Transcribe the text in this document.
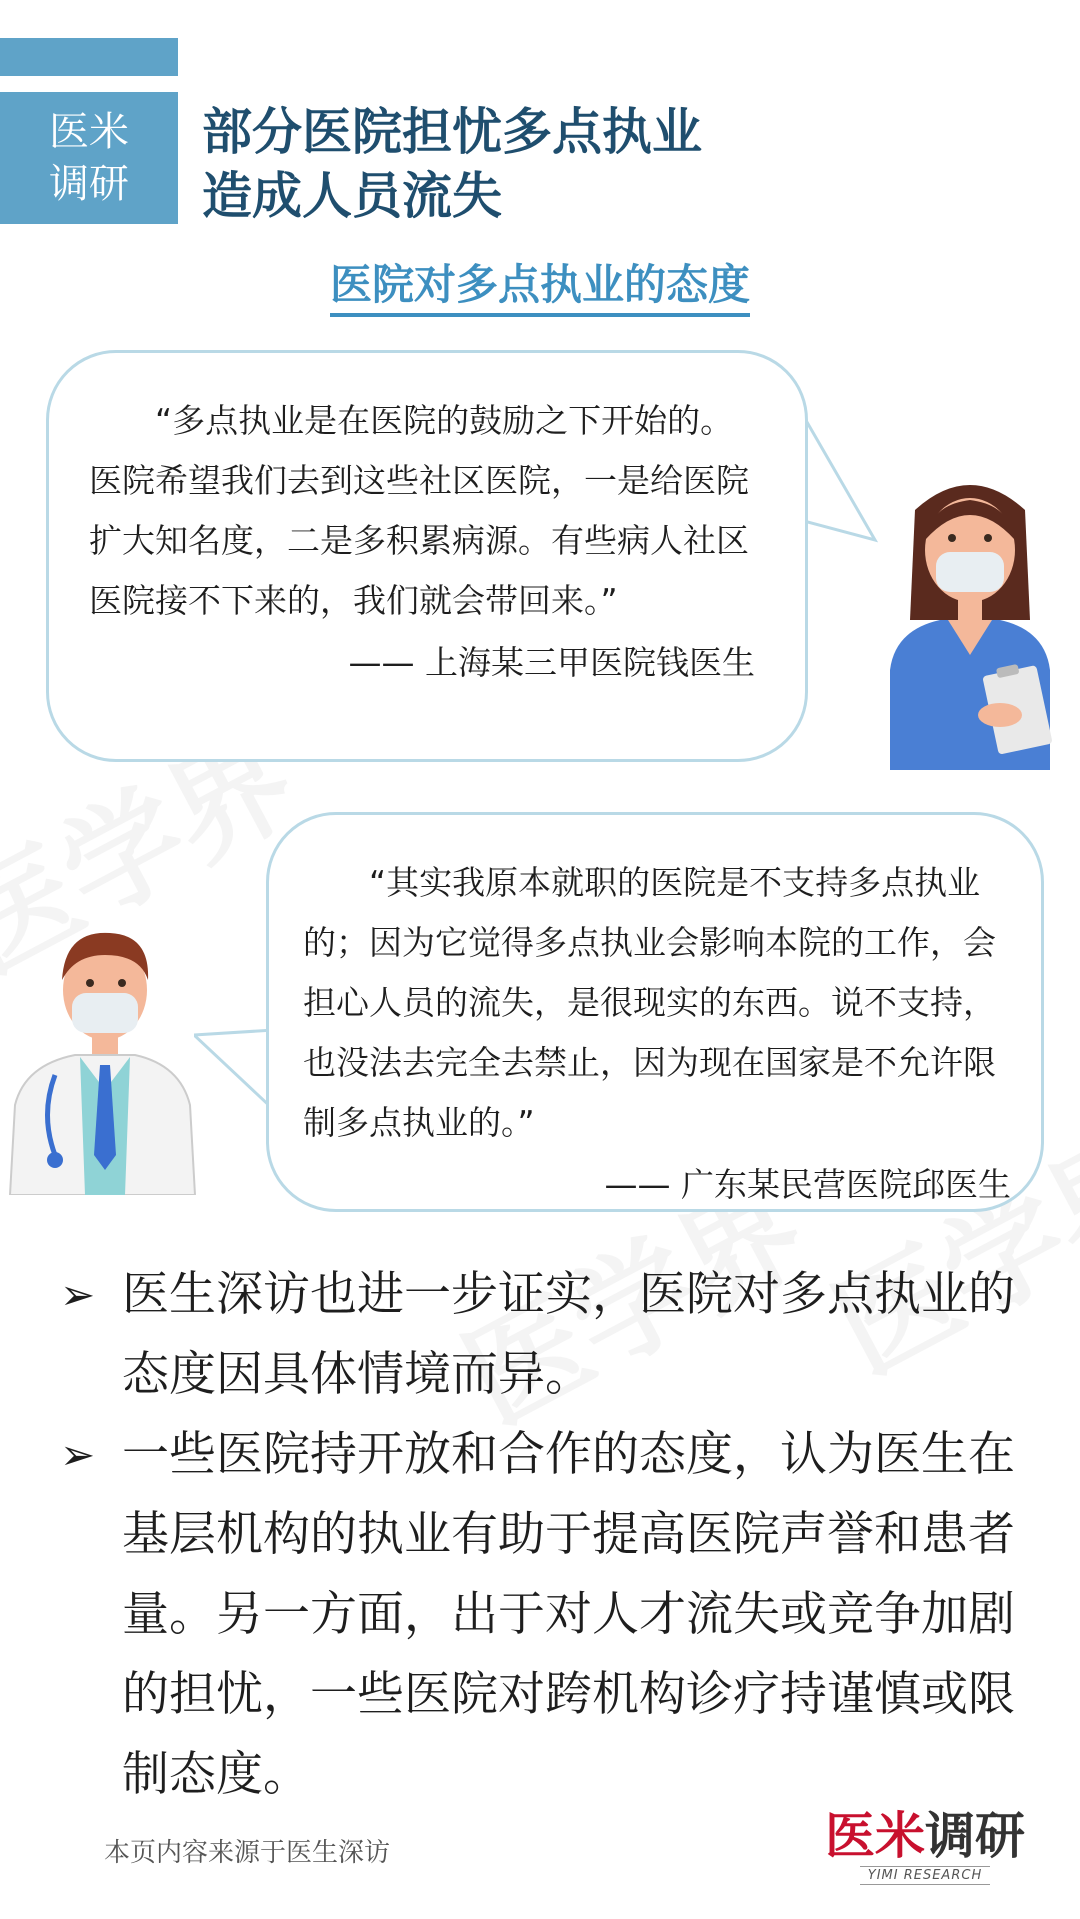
医米
调研
部分医院担忧多点执业
造成人员流失
医院对多点执业的态度
“多点执业是在医院的鼓励之下开始的。医院希望我们去到这些社区医院，一是给医院扩大知名度，二是多积累病源。有些病人社区医院接不下来的，我们就会带回来。”
—— 上海某三甲医院钱医生
“其实我原本就职的医院是不支持多点执业的；因为它觉得多点执业会影响本院的工作，会担心人员的流失，是很现实的东西。说不支持，也没法去完全去禁止，因为现在国家是不允许限制多点执业的。”
—— 广东某民营医院邱医生
➢ 医生深访也进一步证实，医院对多点执业的态度因具体情境而异。
➢ 一些医院持开放和合作的态度，认为医生在基层机构的执业有助于提高医院声誉和患者量。另一方面，出于对人才流失或竞争加剧的担忧，一些医院对跨机构诊疗持谨慎或限制态度。
本页内容来源于医生深访	医米调研
YIMI RESEARCH
